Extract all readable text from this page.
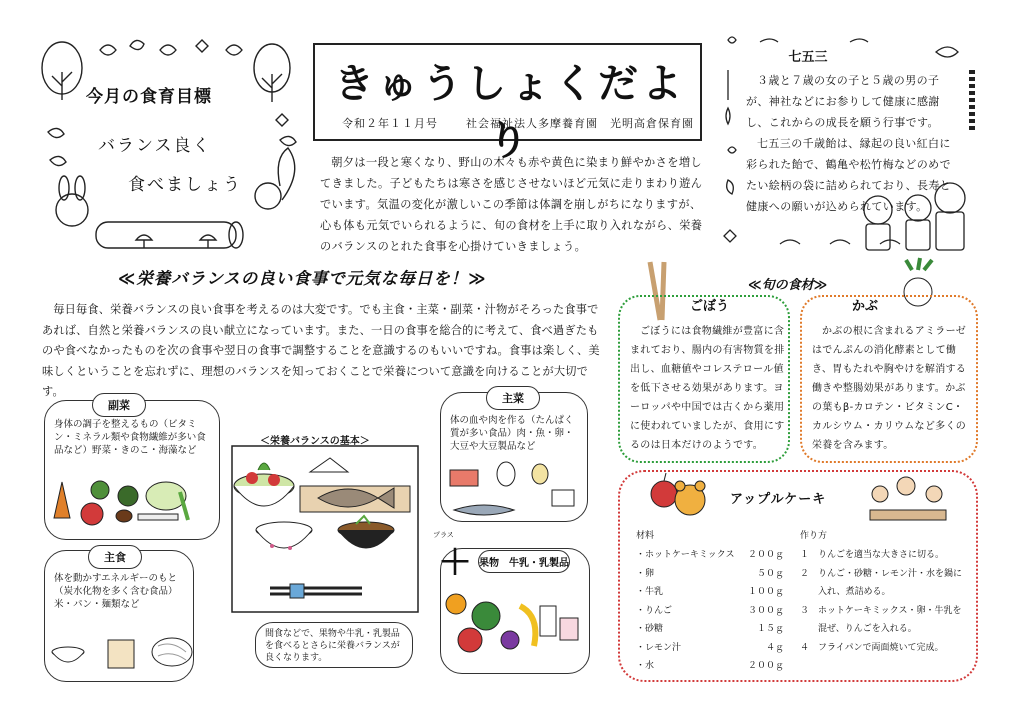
今月の食育目標
バランス良く
食べましょう
きゅうしょくだより
令和２年１１月号	社会福祉法人多摩養育園　光明高倉保育園
朝夕は一段と寒くなり、野山の木々も赤や黄色に染まり鮮やかさを増してきました。子どもたちは寒さを感じさせないほど元気に走りまわり遊んでいます。気温の変化が激しいこの季節は体調を崩しがちになりますが、心も体も元気でいられるように、旬の食材を上手に取り入れながら、栄養のバランスのとれた食事を心掛けていきましょう。
七五三

３歳と７歳の女の子と５歳の男の子が、神社などにお参りして健康に感謝し、これからの成長を願う行事です。

七五三の千歳飴は、縁起の良い紅白に彩られた飴で、鶴亀や松竹梅などのめでたい絵柄の袋に詰められており、長寿と健康への願いが込められています。

≪栄養バランスの良い食事で元気な毎日を！≫
毎日毎食、栄養バランスの良い食事を考えるのは大変です。でも主食・主菜・副菜・汁物がそろった食事であれば、自然と栄養バランスの良い献立になっています。また、一日の食事を総合的に考えて、食べ過ぎたものや食べなかったものを次の食事や翌日の食事で調整することを意識するのもいいですね。食事は楽しく、美味しくということを忘れずに、理想のバランスを知っておくことで栄養について意識を向けることが大切です。
副菜
身体の調子を整えるもの（ビタミン・ミネラル類や食物繊維が多い食品など）野菜・きのこ・海藻など
主食
体を動かすエネルギーのもと（炭水化物を多く含む食品）米・パン・麺類など
主菜
体の血や肉を作る（たんぱく質が多い食品）肉・魚・卵・大豆や大豆製品など
果物　牛乳・乳製品
＜栄養バランスの基本＞
プラス
＋
間食などで、果物や牛乳・乳製品を食べるとさらに栄養バランスが良くなります。
≪旬の食材≫
ごぼう
ごぼうには食物繊維が豊富に含まれており、腸内の有害物質を排出し、血糖値やコレステロール値を低下させる効果があります。ヨーロッパや中国では古くから薬用に使われていましたが、食用にするのは日本だけのようです。
かぶ
かぶの根に含まれるアミラーゼはでんぷんの消化酵素として働き、胃もたれや胸やけを解消する働きや整腸効果があります。かぶの葉もβ-カロテン・ビタミンC・カルシウム・カリウムなど多くの栄養を含みます。
アップルケーキ
材料
・ホットケーキミックス ２００ｇ
・卵	５０ｇ
・牛乳	１００ｇ
・りんご	３００ｇ
・砂糖	１５ｇ
・レモン汁	４ｇ
・水	２００ｇ
作り方
１ りんごを適当な大きさに切る。
２ りんご・砂糖・レモン汁・水を鍋に入れ、煮詰める。
３ ホットケーキミックス・卵・牛乳を混ぜ、りんごを入れる。
４ フライパンで両面焼いて完成。
